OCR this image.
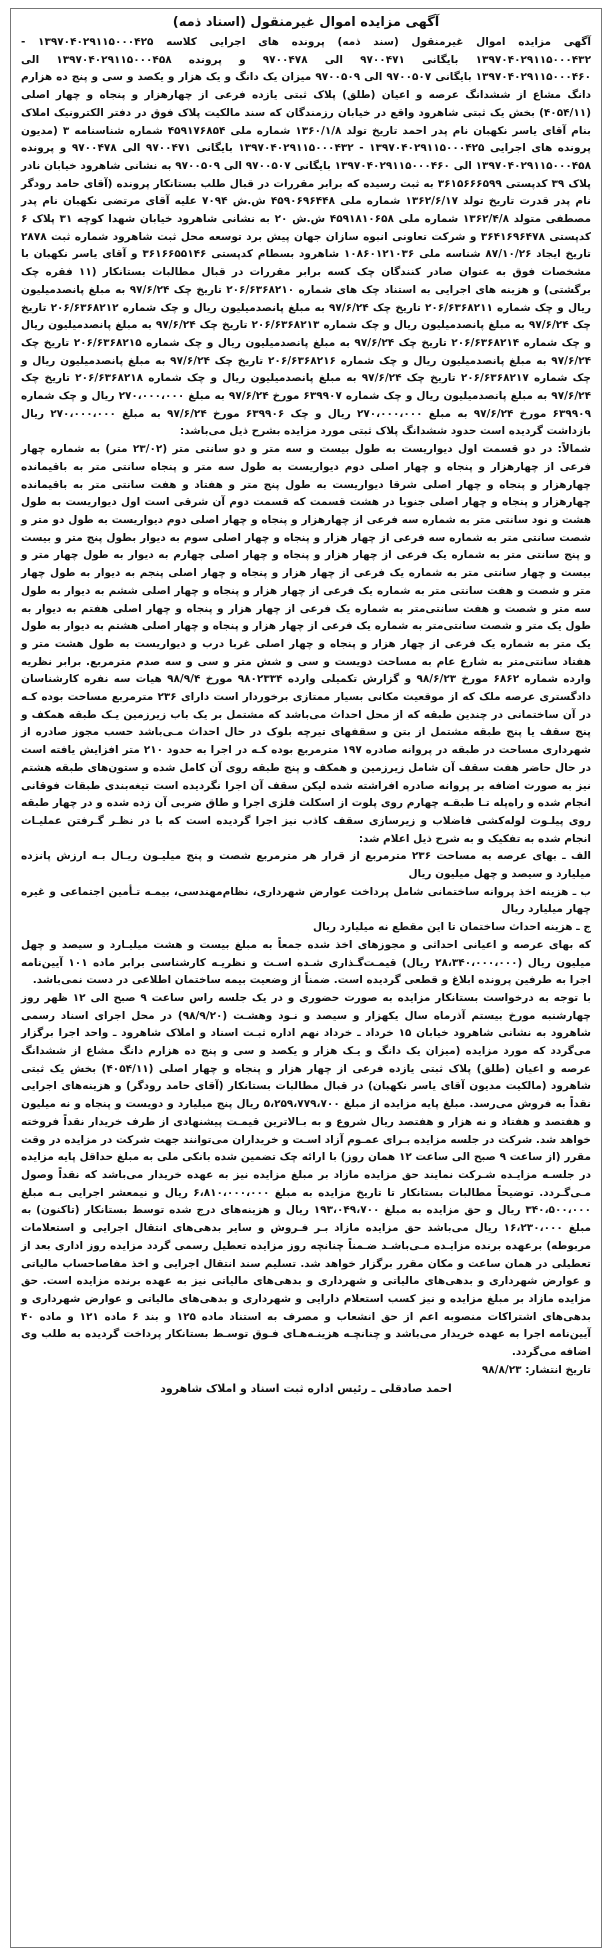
آگهی مزایده اموال غیرمنقول (اسناد ذمه)

آگهی مزایده اموال غیرمنقول (سند ذمه) پرونده های اجرایی کلاسه ۱۳۹۷۰۴۰۲۹۱۱۵۰۰۰۴۲۵ - ۱۳۹۷۰۴۰۲۹۱۱۵۰۰۰۴۳۲ بایگانی ۹۷۰۰۴۷۱ الی ۹۷۰۰۴۷۸ و پرونده ۱۳۹۷۰۴۰۲۹۱۱۵۰۰۰۴۵۸ الی ۱۳۹۷۰۴۰۲۹۱۱۵۰۰۰۴۶۰ بایگانی ۹۷۰۰۵۰۷ الی ۹۷۰۰۵۰۹ میزان یک دانگ و یک هزار و یکصد و سی و پنج ده هزارم دانگ مشاع از ششدانگ عرصه و اعیان (طلق) پلاک ثبتی یازده فرعی از چهارهزار و پنجاه و چهار اصلی (۴۰۵۴/۱۱) بخش یک ثبتی شاهرود واقع در خیابان رزمندگان که سند مالکیت پلاک فوق در دفتر الکترونیک املاک بنام آقای یاسر نکهبان نام پدر احمد تاریخ تولد ۱۳۶۰/۱/۸ شماره ملی ۴۵۹۱۷۶۸۵۴ شماره شناسنامه ۳ (مدیون پرونده های اجرایی ۱۳۹۷۰۴۰۲۹۱۱۵۰۰۰۴۲۵ - ۱۳۹۷۰۴۰۲۹۱۱۵۰۰۰۴۳۲ بایگانی ۹۷۰۰۴۷۱ الی ۹۷۰۰۴۷۸ و پرونده ۱۳۹۷۰۴۰۲۹۱۱۵۰۰۰۴۵۸ الی ۱۳۹۷۰۴۰۲۹۱۱۵۰۰۰۴۶۰ بایگانی ۹۷۰۰۵۰۷ الی ۹۷۰۰۵۰۹ به نشانی شاهرود خیابان نادر پلاک ۳۹ کدپستی ۳۶۱۵۶۶۶۵۹۹ به ثبت رسیده که برابر مقررات در قبال طلب بستانکار پرونده (آقای حامد رودگر نام پدر قدرت تاریخ تولد ۱۳۶۲/۶/۱۷ شماره ملی ۴۵۹۰۶۹۶۴۴۸ ش.ش ۷۰۹۴ علیه آقای مرتضی نکهبان نام پدر مصطفی متولد ۱۳۶۲/۴/۸ شماره ملی ۴۵۹۱۸۱۰۶۵۸ ش.ش ۲۰ به نشانی شاهرود خیابان شهدا کوچه ۳۱ پلاک ۶ کدپستی ۳۶۴۱۶۹۶۴۷۸ و شرکت تعاونی انبوه سازان جهان پیش برد توسعه محل ثبت شاهرود شماره ثبت ۲۸۷۸ تاریخ ایجاد ۸۷/۱۰/۲۶ شناسه ملی ۱۰۸۶۰۱۲۱۰۳۶ شاهرود بسطام کدپستی ۳۶۱۶۶۵۵۱۴۶ و آقای یاسر نکهبان با مشخصات فوق به عنوان صادر کنندگان چک کسه برابر مقررات در قبال مطالبات بستانکار (۱۱ فقره چک برگشتی) و هزینه های اجرایی به استناد چک های شماره ۲۰۶/۶۳۶۸۲۱۰ تاریخ چک ۹۷/۶/۲۴ به مبلغ پانصدمیلیون ریال و چک شماره ۲۰۶/۶۳۶۸۲۱۱ تاریخ چک ۹۷/۶/۲۴ به مبلغ پانصدمیلیون ریال و چک شماره ۲۰۶/۶۳۶۸۲۱۲ تاریخ چک ۹۷/۶/۲۴ به مبلغ پانصدمیلیون ریال و چک شماره ۲۰۶/۶۳۶۸۲۱۳ تاریخ چک ۹۷/۶/۲۴ به مبلغ پانصدمیلیون ریال و چک شماره ۲۰۶/۶۳۶۸۲۱۴ تاریخ چک ۹۷/۶/۲۴ به مبلغ پانصدمیلیون ریال و چک شماره ۲۰۶/۶۳۶۸۲۱۵ تاریخ چک ۹۷/۶/۲۴ به مبلغ پانصدمیلیون ریال و چک شماره ۲۰۶/۶۳۶۸۲۱۶ تاریخ چک ۹۷/۶/۲۴ به مبلغ پانصدمیلیون ریال و چک شماره ۲۰۶/۶۳۶۸۲۱۷ تاریخ چک ۹۷/۶/۲۴ به مبلغ پانصدمیلیون ریال و چک شماره ۲۰۶/۶۳۶۸۲۱۸ تاریخ چک ۹۷/۶/۲۴ به مبلغ پانصدمیلیون ریال و چک شماره ۶۳۹۹۰۷ مورخ ۹۷/۶/۲۴ به مبلغ ۲۷۰،۰۰۰،۰۰۰ ریال و چک شماره ۶۳۹۹۰۹ مورخ ۹۷/۶/۲۴ به مبلغ ۲۷۰،۰۰۰،۰۰۰ ریال و چک ۶۳۹۹۰۶ مورخ ۹۷/۶/۲۴ به مبلغ ۲۷۰،۰۰۰،۰۰۰ ریال بازداشت گردیده است حدود ششدانگ پلاک ثبتی مورد مزایده بشرح ذیل می‌باشد:

شمالاً: در دو قسمت اول دیواریست به طول بیست و سه متر و دو سانتی متر (۲۳/۰۲ متر) به شماره چهار فرعی از چهارهزار و پنجاه و چهار اصلی دوم دیواریست به طول سه متر و پنجاه سانتی متر به باقیمانده چهارهزار و پنجاه و چهار اصلی شرقا دیواریست به طول پنج متر و هفتاد و هفت سانتی متر به باقیمانده چهارهزار و پنجاه و چهار اصلی جنوبا در هشت قسمت که قسمت دوم آن شرقی است اول دیواریست به طول هشت و نود سانتی متر به شماره سه فرعی از چهارهزار و پنجاه و چهار اصلی دوم دیواریست به طول دو متر و شصت سانتی متر به شماره سه فرعی از چهار هزار و پنجاه و چهار اصلی سوم به دیوار بطول پنج متر و بیست و پنج سانتی متر به شماره یک فرعی از چهار هزار و پنجاه و چهار اصلی چهارم به دیوار به طول چهار متر و بیست و چهار سانتی متر به شماره یک فرعی از چهار هزار و پنجاه و چهار اصلی پنجم به دیوار به طول چهار متر و شصت و هفت سانتی متر به شماره یک فرعی از چهار هزار و پنجاه و چهار اصلی ششم به دیوار به طول سه متر و شصت و هفت سانتی‌متر به شماره یک فرعی از چهار هزار و پنجاه و چهار اصلی هفتم به دیوار به طول یک متر و شصت سانتی‌متر به شماره یک فرعی از چهار هزار و پنجاه و چهار اصلی هشتم به دیوار به طول یک متر به شماره یک فرعی از چهار هزار و پنجاه و چهار اصلی غربا درب و دیواریست به طول هشت متر و هفتاد سانتی‌متر به شارع عام به مساحت دویست و سی و شش متر و سی و سه صدم مترمربع. برابر نظریه وارده شماره ۶۸۶۲ مورخ ۹۸/۶/۲۳ و گزارش تکمیلی وارده ۹۸۰۲۳۳۴ مورخ ۹۸/۹/۴ هیات سه نفره کارشناسان دادگستری عرصه ملک که از موقعیت مکانی بسیار ممتازی برخوردار است دارای ۲۳۶ مترمربع مساحت بوده کـه در آن ساختمانی در چندین طبقه که از محل احداث می‌باشد که مشتمل بر یک باب زیرزمین یـک طبقه همکف و پنج سقف یا پنج طبقه مشتمل از بتن و سقفهای تیرچه بلوک در حال احداث مـی‌باشد حسب مجوز صادره از شهرداری مساحت در طبقه در پروانه صادره ۱۹۷ مترمربع بوده کـه در اجرا به حدود ۲۱۰ متر افزایش یافته است در حال حاضر هفت سقف آن شامل زیرزمین و همکف و پنج طبقه روی آن کامل شده و ستون‌های طبقه هشتم نیز به صورت اضافه بر پروانه صادره افراشته شده لیکن سقف آن اجرا نگردیده است تیغه‌بندی طبقات فوقانی انجام شده و راه‌پله تـا طبقـه چهارم روی پلوت از اسکلت فلزی اجرا و طاق ضربی آن زده شده و در چهار طبقه روی پیلـوت لوله‌کشی فاضلاب و زیرسازی سقف کاذب نیز اجرا گردیده است که با در نظـر گـرفتن عملیـات انجام شده به تفکیک و به شرح ذیل اعلام شد:

الف ـ بهای عرصه به مساحت ۲۳۶ مترمربع از قرار هر مترمربع شصت و پنج میلیـون ریـال بـه ارزش پانزده میلیارد و سیصد و چهل میلیون ریال
ب ـ هزینه اخذ پروانه ساختمانی شامل پرداخت عوارض شهرداری، نظام‌مهندسی، بیمـه تـأمین اجتماعی و غیره چهار میلیارد ریال
ج ـ هزینه احداث ساختمان تا این مقطع نه میلیارد ریال

که بهای عرصه و اعیانی احداثی و مجوزهای اخذ شده جمعاً به مبلغ بیست و هشت میلیـارد و سیصد و چهل میلیون ریال (۲۸،۳۴۰،۰۰۰،۰۰۰ ریال) قیمـت‌گـذاری شـده اسـت و نظریـه کارشناسی برابر ماده ۱۰۱ آیین‌نامه اجرا به طرفین پرونده ابلاغ و قطعی گردیده است. ضمناً از وضعیت بیمه ساختمان اطلاعی در دست نمی‌باشد.

با توجه به درخواست بستانکار مزایده به صورت حضوری و در یک جلسه راس ساعت ۹ صبح الی ۱۲ ظهر روز چهارشنبه مورخ بیستم آذرماه سال یکهزار و سیصد و نـود وهشـت (۹۸/۹/۲۰) در محل اجرای اسناد رسمی شاهرود به نشانی شاهرود خیابان ۱۵ خرداد ـ خرداد نهم اداره ثبـت اسناد و املاک شاهرود ـ واحد اجرا برگزار می‌گردد که مورد مزایده (میزان یک دانگ و یـک هزار و یکصد و سی و پنج ده هزارم دانگ مشاع از ششدانگ عرصه و اعیان (طلق) پلاک ثبتی یازده فرعی از چهار هزار و پنجاه و چهار اصلی (۴۰۵۴/۱۱) بخش یک ثبتی شاهرود (مالکیت مدیون آقای یاسر نکهبان) در قبال مطالبات بستانکار (آقای حامد رودگر) و هزینه‌های اجرایی نقداً به فروش می‌رسد. مبلغ پایه مزایده از مبلغ ۵،۲۵۹،۷۷۹،۷۰۰ ریال پنج میلیارد و دویست و پنجاه و نه میلیون و هفتصد و هفتاد و نه هزار و هفتصد ریال شروع و به بـالاترین قیمـت پیشنهادی از طرف خریدار نقداً فروخته خواهد شد. شرکت در جلسه مزایده بـرای عمـوم آزاد اسـت و خریداران می‌توانند جهت شرکت در مزایده در وقت مقرر (از ساعت ۹ صبح الی ساعت ۱۲ همان روز) با ارائه چک تضمین شده بانکی ملی به مبلغ حداقل پایه مزایده در جلسـه مزایـده شـرکت نمایند حق مزایده مازاد بر مبلغ مزایده نیز به عهده خریدار می‌باشد که نقداً وصول مـی‌گـردد. توضیحاً مطالبات بستانکار تا تاریخ مزایده به مبلغ ۶،۸۱۰،۰۰۰،۰۰۰ ریال و نیمعشر اجرایی بـه مبلغ ۳۴۰،۵۰۰،۰۰۰ ریال و حق مزایده به مبلغ ۱۹۳،۰۴۹،۷۰۰ ریال و هزینه‌های درج شده توسط بستانکار (تاکنون) به مبلغ ۱۶،۲۳۰،۰۰۰ ریال می‌باشد حق مزایده مازاد بـر فـروش و سایر بدهی‌های انتقال اجرایی و استعلامات مربوطه) برعهده برنده مزایـده مـی‌باشـد ضـمناً چنانچه روز مزایده تعطیل رسمی گردد مزایده روز اداری بعد از تعطیلی در همان ساعت و مکان مقرر برگزار خواهد شد. تسلیم سند انتقال اجرایی و اخذ مفاصاحساب مالیاتی و عوارض شهرداری و بدهی‌های مالیاتی و شهرداری و بدهی‌های مالیاتی نیز به عهده برنده مزایده است. حق مزایده مازاد بر مبلغ مزایده و نیز کسب استعلام دارایی و شهرداری و بدهی‌های مالیاتی و عوارض شهرداری و بدهی‌های اشتراکات منصوبه اعم از حق انشعاب و مصرف به استناد ماده ۱۲۵ و بند ۶ ماده ۱۲۱ و ماده ۴۰ آیین‌نامه اجرا به عهده خریدار می‌باشد و چنانچـه هزینـه‌هـای فـوق توسـط بستانکار پرداخت گردیده به طلب وی اضافه می‌گردد.

تاریخ انتشار: ۹۸/۸/۲۳
احمد صادقلی ـ رئیس اداره ثبت اسناد و املاک شاهرود
